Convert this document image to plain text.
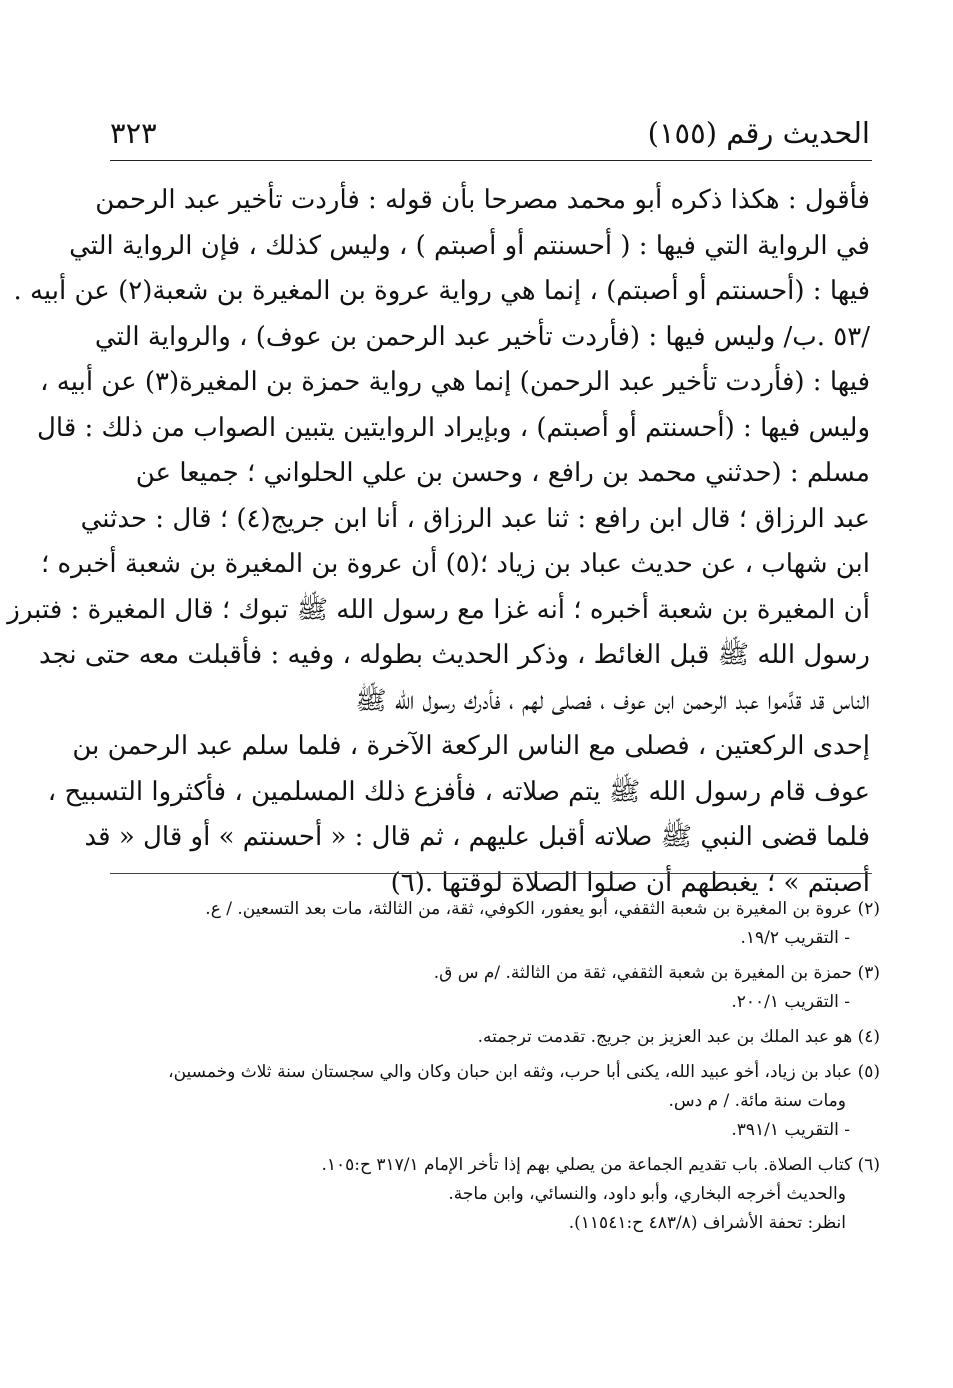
الحديث رقم (١٥٥)
٣٢٣
فأقول : هكذا ذكره أبو محمد مصرحا بأن قوله : فأردت تأخير عبد الرحمن
في الرواية التي فيها : ( أحسنتم أو أصبتم ) ، وليس كذلك ، فإن الرواية التي
فيها : (أحسنتم أو أصبتم) ، إنما هي رواية عروة بن المغيرة بن شعبة(٢) عن أبيه .
/٥٣ .ب/ وليس فيها : (فأردت تأخير عبد الرحمن بن عوف) ، والرواية التي
فيها : (فأردت تأخير عبد الرحمن) إنما هي رواية حمزة بن المغيرة(٣) عن أبيه ،
وليس فيها : (أحسنتم أو أصبتم) ، وبإيراد الروايتين يتبين الصواب من ذلك : قال
مسلم : (حدثني محمد بن رافع ، وحسن بن علي الحلواني ؛ جميعا عن
عبد الرزاق ؛ قال ابن رافع : ثنا عبد الرزاق ، أنا ابن جريج(٤) ؛ قال : حدثني
ابن شهاب ، عن حديث عباد بن زياد ؛(٥) أن عروة بن المغيرة بن شعبة أخبره ؛
أن المغيرة بن شعبة أخبره ؛ أنه غزا مع رسول الله ﷺ تبوك ؛ قال المغيرة : فتبرز
رسول الله ﷺ قبل الغائط ، وذكر الحديث بطوله ، وفيه : فأقبلت معه حتى نجد
الناس قد قدَّموا عبد الرحمن ابن عوف ، فصلى لهم ، فأدرك رسول الله ﷺ
إحدى الركعتين ، فصلى مع الناس الركعة الآخرة ، فلما سلم عبد الرحمن بن
عوف قام رسول الله ﷺ يتم صلاته ، فأفزع ذلك المسلمين ، فأكثروا التسبيح ،
فلما قضى النبي ﷺ صلاته أقبل عليهم ، ثم قال : « أحسنتم » أو قال « قد
أصبتم » ؛ يغبطهم أن صلوا الصلاة لوقتها .(٦)
(٢) عروة بن المغيرة بن شعبة الثقفي، أبو يعفور، الكوفي، ثقة، من الثالثة، مات بعد التسعين. / ع.
- التقريب ١٩/٢.
(٣) حمزة بن المغيرة بن شعبة الثقفي، ثقة من الثالثة. /م س ق.
- التقريب ٢٠٠/١.
(٤) هو عبد الملك بن عبد العزيز بن جريج. تقدمت ترجمته.
(٥) عباد بن زياد، أخو عبيد الله، يكنى أبا حرب، وثقه ابن حبان وكان والي سجستان سنة ثلاث وخمسين،
ومات سنة مائة. / م دس.
- التقريب ٣٩١/١.
(٦) كتاب الصلاة. باب تقديم الجماعة من يصلي بهم إذا تأخر الإمام ٣١٧/١ ح:١٠٥.
والحديث أخرجه البخاري، وأبو داود، والنسائي، وابن ماجة.
انظر: تحفة الأشراف (٤٨٣/٨ ح:١١٥٤١).
